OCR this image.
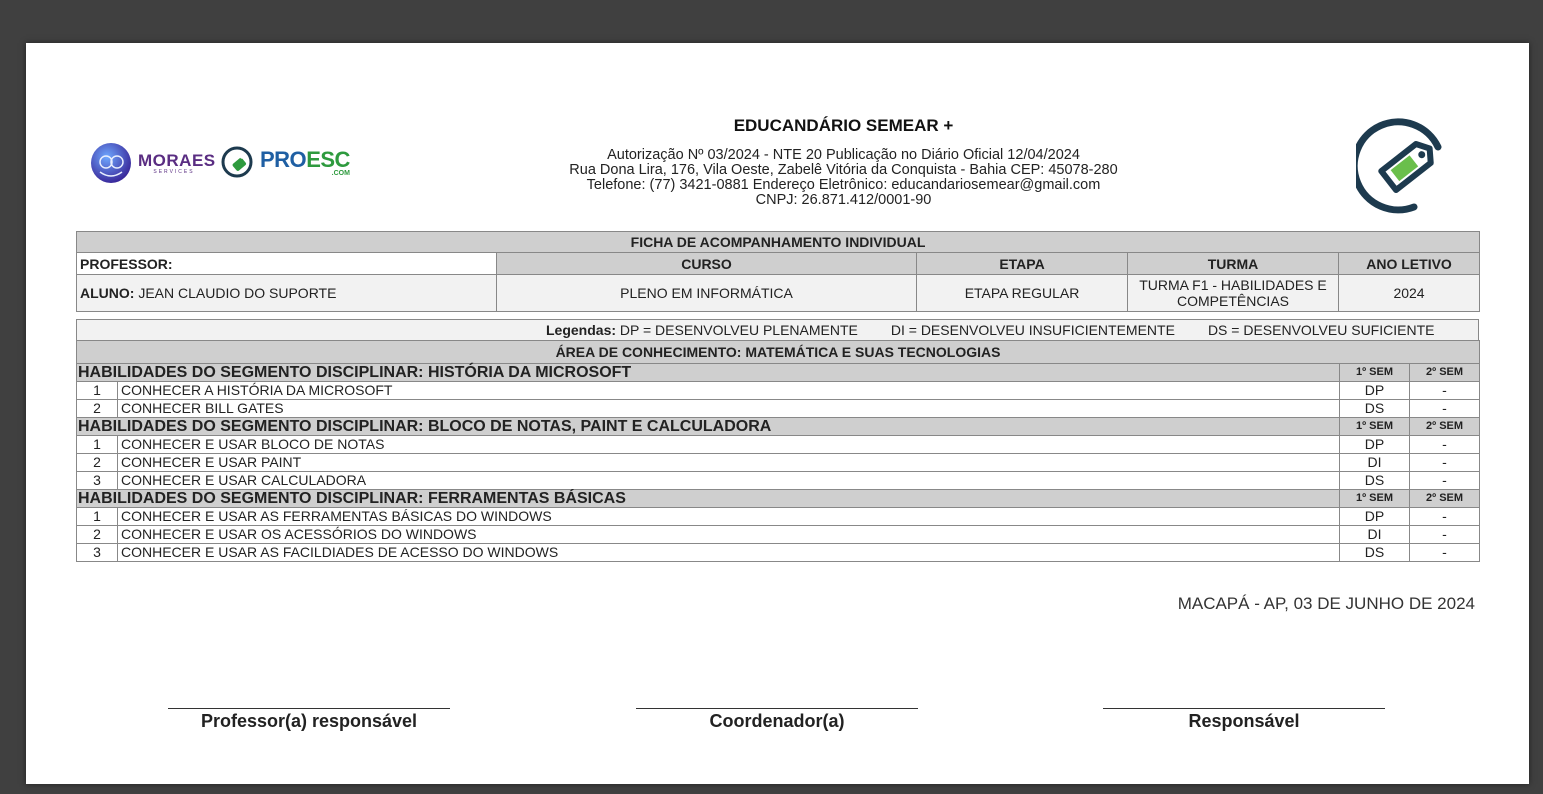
MORAES
SERVICES	PROESC
.COM
EDUCANDÁRIO SEMEAR +
Autorização Nº 03/2024 - NTE 20 Publicação no Diário Oficial 12/04/2024
Rua Dona Lira, 176, Vila Oeste, Zabelê Vitória da Conquista - Bahia CEP: 45078-280
Telefone: (77) 3421-0881 Endereço Eletrônico: educandariosemear@gmail.com
CNPJ: 26.871.412/0001-90
FICHA DE ACOMPANHAMENTO INDIVIDUAL				
PROFESSOR:	CURSO	ETAPA	TURMA	ANO LETIVO
ALUNO: JEAN CLAUDIO DO SUPORTE	PLENO EM INFORMÁTICA	ETAPA REGULAR	TURMA F1 - HABILIDADES E COMPETÊNCIAS	2024
Legendas: DP = DESENVOLVEU PLENAMENTE DI = DESENVOLVEU INSUFICIENTEMENTE DS = DESENVOLVEU SUFICIENTE
ÁREA DE CONHECIMENTO: MATEMÁTICA E SUAS TECNOLOGIAS			
HABILIDADES DO SEGMENTO DISCIPLINAR: HISTÓRIA DA MICROSOFT		1º SEM	2º SEM
1	CONHECER A HISTÓRIA DA MICROSOFT	DP	-
2	CONHECER BILL GATES	DS	-
HABILIDADES DO SEGMENTO DISCIPLINAR: BLOCO DE NOTAS, PAINT E CALCULADORA		1º SEM	2º SEM
1	CONHECER E USAR BLOCO DE NOTAS	DP	-
2	CONHECER E USAR PAINT	DI	-
3	CONHECER E USAR CALCULADORA	DS	-
HABILIDADES DO SEGMENTO DISCIPLINAR: FERRAMENTAS BÁSICAS		1º SEM	2º SEM
1	CONHECER E USAR AS FERRAMENTAS BÁSICAS DO WINDOWS	DP	-
2	CONHECER E USAR OS ACESSÓRIOS DO WINDOWS	DI	-
3	CONHECER E USAR AS FACILDIADES DE ACESSO DO WINDOWS	DS	-
MACAPÁ - AP, 03 DE JUNHO DE 2024
Professor(a) responsável	Coordenador(a)	Responsável
